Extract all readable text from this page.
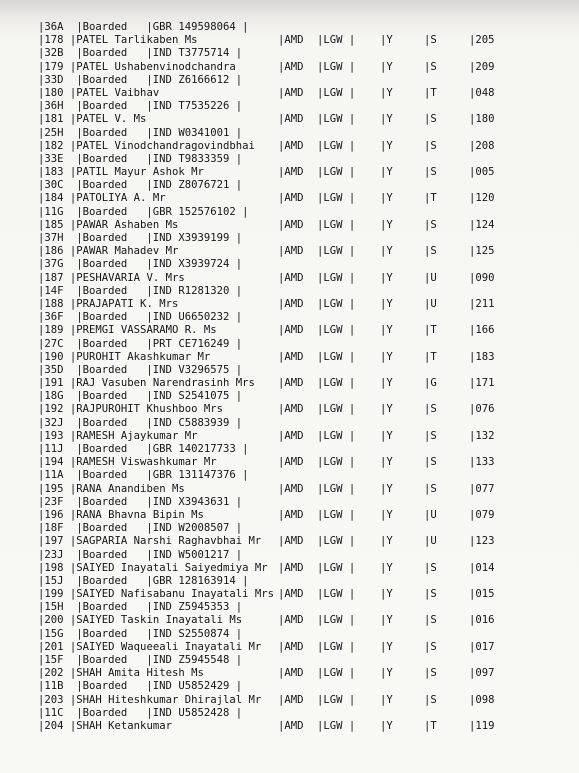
|36A  |Boarded   |GBR 149598064 |
|178 |PATEL Tarlikaben Ms	|AMD |LGW | |Y	|S	|205
|32B  |Boarded   |IND T3775714 |
|179 |PATEL Ushabenvinodchandra	|AMD |LGW | |Y	|S	|209
|33D  |Boarded   |IND Z6166612 |
|180 |PATEL Vaibhav	|AMD |LGW | |Y	|T	|048
|36H  |Boarded   |IND T7535226 |
|181 |PATEL V. Ms	|AMD |LGW | |Y	|S	|180
|25H  |Boarded   |IND W0341001 |
|182 |PATEL Vinodchandragovindbhai |AMD |LGW | |Y	|S	|208
|33E  |Boarded   |IND T9833359 |
|183 |PATIL Mayur Ashok Mr	|AMD |LGW | |Y	|S	|005
|30C  |Boarded   |IND Z8076721 |
|184 |PATOLIYA A. Mr	|AMD |LGW | |Y	|T	|120
|11G  |Boarded   |GBR 152576102 |
|185 |PAWAR Ashaben Ms	|AMD |LGW | |Y	|S	|124
|37H  |Boarded   |IND X3939199 |
|186 |PAWAR Mahadev Mr	|AMD |LGW | |Y	|S	|125
|37G  |Boarded   |IND X3939724 |
|187 |PESHAVARIA V. Mrs	|AMD |LGW | |Y	|U	|090
|14F  |Boarded   |IND R1281320 |
|188 |PRAJAPATI K. Mrs	|AMD |LGW | |Y	|U	|211
|36F  |Boarded   |IND U6650232 |
|189 |PREMGI VASSARAMO R. Ms	|AMD |LGW | |Y	|T	|166
|27C  |Boarded   |PRT CE716249 |
|190 |PUROHIT Akashkumar Mr	|AMD |LGW | |Y	|T	|183
|35D  |Boarded   |IND V3296575 |
|191 |RAJ Vasuben Narendrasinh Mrs |AMD |LGW | |Y	|G	|171
|18G  |Boarded   |IND S2541075 |
|192 |RAJPUROHIT Khushboo Mrs	|AMD |LGW | |Y	|S	|076
|32J  |Boarded   |IND C5883939 |
|193 |RAMESH Ajaykumar Mr	|AMD |LGW | |Y	|S	|132
|11J  |Boarded   |GBR 140217733 |
|194 |RAMESH Viswashkumar Mr	|AMD |LGW | |Y	|S	|133
|11A  |Boarded   |GBR 131147376 |
|195 |RANA Anandiben Ms	|AMD |LGW | |Y	|S	|077
|23F  |Boarded   |IND X3943631 |
|196 |RANA Bhavna Bipin Ms	|AMD |LGW | |Y	|U	|079
|18F  |Boarded   |IND W2008507 |
|197 |SAGPARIA Narshi Raghavbhai Mr |AMD |LGW | |Y	|U	|123
|23J  |Boarded   |IND W5001217 |
|198 |SAIYED Inayatali Saiyedmiya Mr |AMD |LGW | |Y	|S	|014
|15J  |Boarded   |GBR 128163914 |
|199 |SAIYED Nafisabanu Inayatali Mrs |AMD |LGW | |Y	|S	|015
|15H  |Boarded   |IND Z5945353 |
|200 |SAIYED Taskin Inayatali Ms	|AMD |LGW | |Y	|S	|016
|15G  |Boarded   |IND S2550874 |
|201 |SAIYED Waqueeali Inayatali Mr |AMD |LGW | |Y	|S	|017
|15F  |Boarded   |IND Z5945548 |
|202 |SHAH Amita Hitesh Ms	|AMD |LGW | |Y	|S	|097
|11B  |Boarded   |IND U5852429 |
|203 |SHAH Hiteshkumar Dhirajlal Mr |AMD |LGW | |Y	|S	|098
|11C  |Boarded   |IND U5852428 |
|204 |SHAH Ketankumar	|AMD |LGW | |Y	|T	|119
